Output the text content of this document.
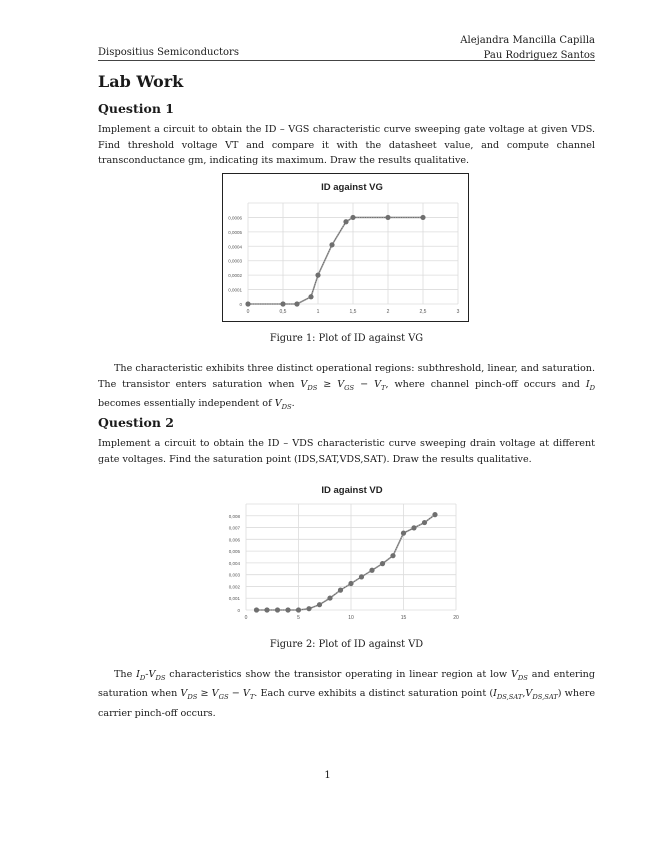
Dispositius Semiconductors
Alejandra Mancilla Capilla
Pau Rodriguez Santos
Lab Work
Question 1
Implement a circuit to obtain the ID – VGS characteristic curve sweeping gate voltage at given VDS. Find threshold voltage VT and compare it with the datasheet value, and compute channel transconductance gm, indicating its maximum. Draw the results qualitative.
ID against VG
0
0,0001
0,0002
0,0003
0,0004
0,0005
0,0006
0	0,5	1	1,5	2	2,5	3
Figure 1: Plot of ID against VG
The characteristic exhibits three distinct operational regions: subthreshold, linear, and saturation. The transistor enters saturation when $V_{DS} \ge V_{GS} - V_T$, where channel pinch-off occurs and $I_D$ becomes essentially independent of $V_{DS}$.
Question 2
Implement a circuit to obtain the ID – VDS characteristic curve sweeping drain voltage at different gate voltages. Find the saturation point (IDS,SAT,VDS,SAT). Draw the results qualitative.
ID against VD
0
0,001
0,002
0,003
0,004
0,005
0,006
0,007
0,008
0	5	10	15	20
Figure 2: Plot of ID against VD
The $I_D-V_{DS}$ characteristics show the transistor operating in linear region at low $V_{DS}$ and entering saturation when $V_{DS} \ge V_{GS} - V_T$. Each curve exhibits a distinct saturation point $(I_{DS,SAT},V_{DS,SAT})$ where carrier pinch-off occurs.
1
